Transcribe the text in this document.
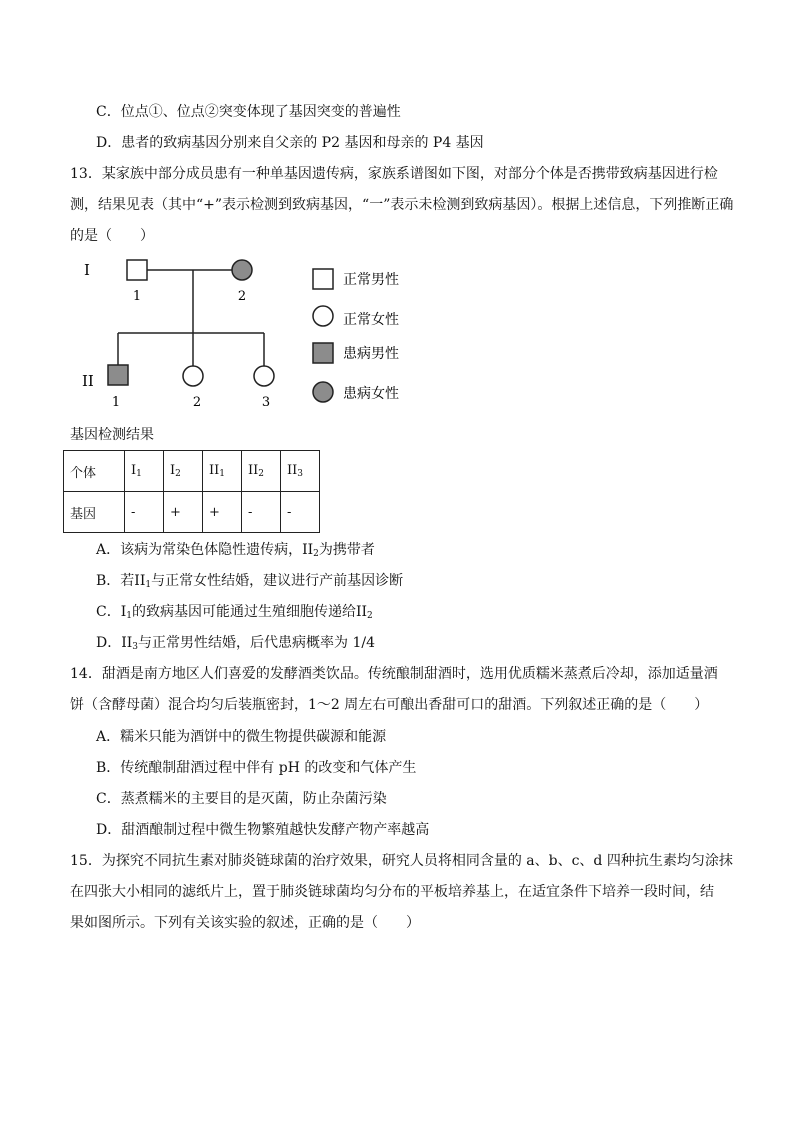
C．位点①、位点②突变体现了基因突变的普遍性
D．患者的致病基因分别来自父亲的 P2 基因和母亲的 P4 基因
13．某家族中部分成员患有一种单基因遗传病，家族系谱图如下图，对部分个体是否携带致病基因进行检
测，结果见表（其中“+”表示检测到致病基因，“一”表示未检测到致病基因）。根据上述信息，下列推断正确
的是（　　）
I
II
1	2
1	2	3
正常男性
正常女性
患病男性
患病女性
基因检测结果
个体	$I_1$	$I_2$	$II_1$	$II_2$	$II_3$
基因	-	+	+	-	-
A．该病为常染色体隐性遗传病，$II_2$为携带者
B．若$II_1$与正常女性结婚，建议进行产前基因诊断
C．$I_1$的致病基因可能通过生殖细胞传递给$II_2$
D．$II_3$与正常男性结婚，后代患病概率为 1/4
14．甜酒是南方地区人们喜爱的发酵酒类饮品。传统酿制甜酒时，选用优质糯米蒸煮后冷却，添加适量酒
饼（含酵母菌）混合均匀后装瓶密封，1～2 周左右可酿出香甜可口的甜酒。下列叙述正确的是（　　）
A．糯米只能为酒饼中的微生物提供碳源和能源
B．传统酿制甜酒过程中伴有 pH 的改变和气体产生
C．蒸煮糯米的主要目的是灭菌，防止杂菌污染
D．甜酒酿制过程中微生物繁殖越快发酵产物产率越高
15．为探究不同抗生素对肺炎链球菌的治疗效果，研究人员将相同含量的 a、b、c、d 四种抗生素均匀涂抹
在四张大小相同的滤纸片上，置于肺炎链球菌均匀分布的平板培养基上，在适宜条件下培养一段时间，结
果如图所示。下列有关该实验的叙述，正确的是（　　）
